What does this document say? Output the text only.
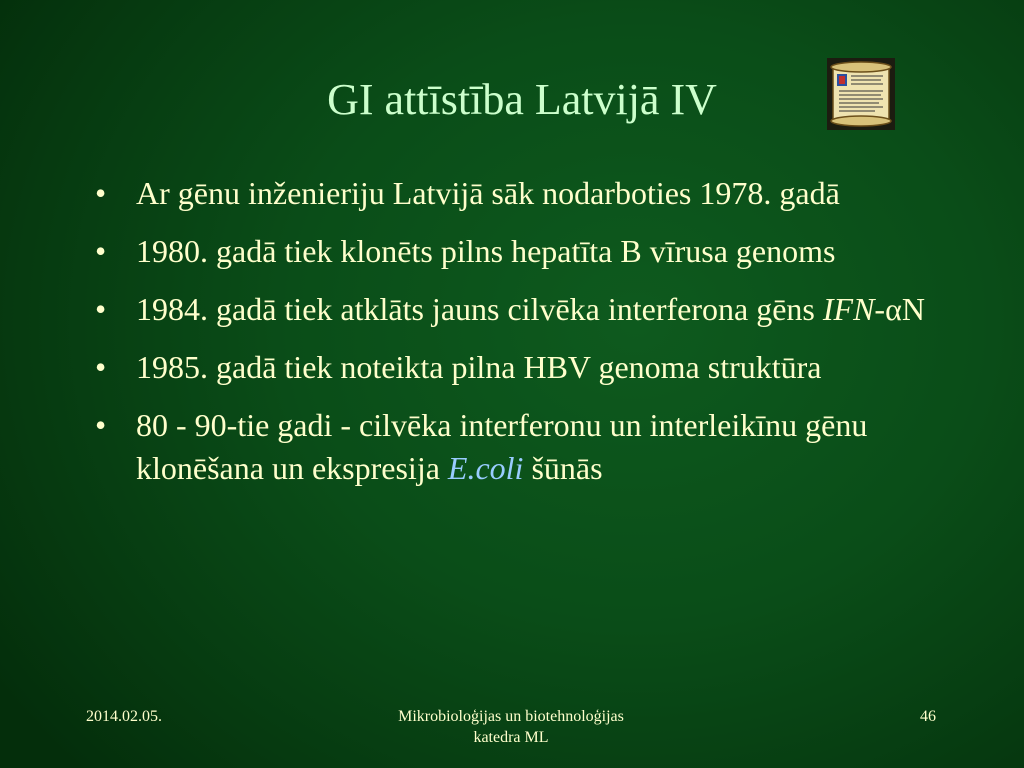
GI attīstība Latvijā IV
• Ar gēnu inženieriju Latvijā sāk nodarboties 1978. gadā
• 1980. gadā tiek klonēts pilns hepatīta B vīrusa genoms
• 1984. gadā tiek atklāts jauns cilvēka interferona gēns IFN-αN
• 1985. gadā tiek noteikta pilna HBV genoma struktūra
• 80 - 90-tie gadi - cilvēka interferonu un interleikīnu gēnu klonēšana un ekspresija E.coli šūnās
2014.02.05.	Mikrobioloģijas un biotehnoloģijas
katedra ML
46
